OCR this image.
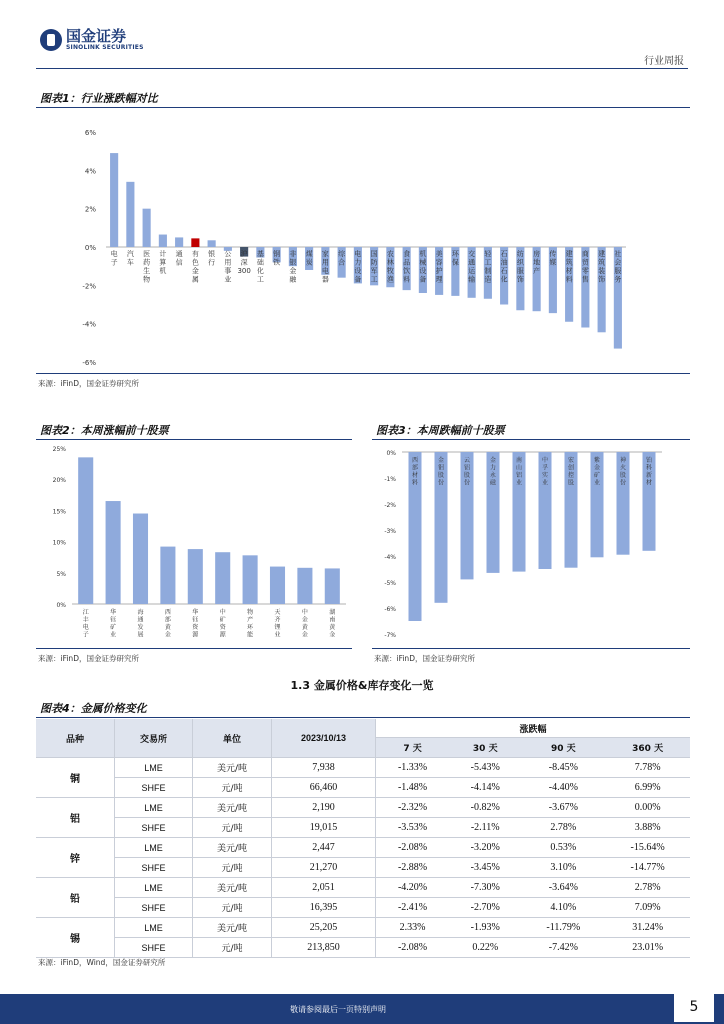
国金证券
SINOLINK SECURITIES
行业周报
图表1：行业涨跌幅对比
6%
4%
2%
0%
-2%
-4%
-6%
电子
汽车
医药生物
计算机
通信
有色金属
银行
公用事业
沪深 300
基础化工
钢铁
非银金融
煤炭
家用电器
综合
电力设备
国防军工
农林牧渔
食品饮料
机械设备
美容护理
环保
交通运输
轻工制造
石油石化
纺织服饰
房地产
传媒
建筑材料
商贸零售
建筑装饰
社会服务
来源：iFinD，国金证券研究所
图表2：本周涨幅前十股票
25%
20%
15%
10%
5%
0%
江丰电子
华钰矿业
海通发展
西部黄金
华钰资源
中矿资源
物产环能
天齐锂业
中金黄金
湖南黄金
来源：iFinD，国金证券研究所
图表3：本周跌幅前十股票
0%
-1%
-2%
-3%
-4%
-5%
-6%
-7%
西部材料
金钼股份
云铝股份
金力永磁
南山铝业
中孚实业
宏创控股
紫金矿业
神火股份
铂科新材
来源：iFinD，国金证券研究所
1.3 金属价格&库存变化一览
图表4：金属价格变化
品种	交易所	单位	2023/10/13	涨跌幅			
				7 天	30 天	90 天	360 天
铜	LME	美元/吨	7,938	-1.33%	-5.43%	-8.45%	7.78%
	SHFE	元/吨	66,460	-1.48%	-4.14%	-4.40%	6.99%
铝	LME	美元/吨	2,190	-2.32%	-0.82%	-3.67%	0.00%
	SHFE	元/吨	19,015	-3.53%	-2.11%	2.78%	3.88%
锌	LME	美元/吨	2,447	-2.08%	-3.20%	0.53%	-15.64%
	SHFE	元/吨	21,270	-2.88%	-3.45%	3.10%	-14.77%
铅	LME	美元/吨	2,051	-4.20%	-7.30%	-3.64%	2.78%
	SHFE	元/吨	16,395	-2.41%	-2.70%	4.10%	7.09%
锡	LME	美元/吨	25,205	2.33%	-1.93%	-11.79%	31.24%
	SHFE	元/吨	213,850	-2.08%	0.22%	-7.42%	23.01%
来源：iFinD，Wind，国金证券研究所
敬请参阅最后一页特别声明	5
